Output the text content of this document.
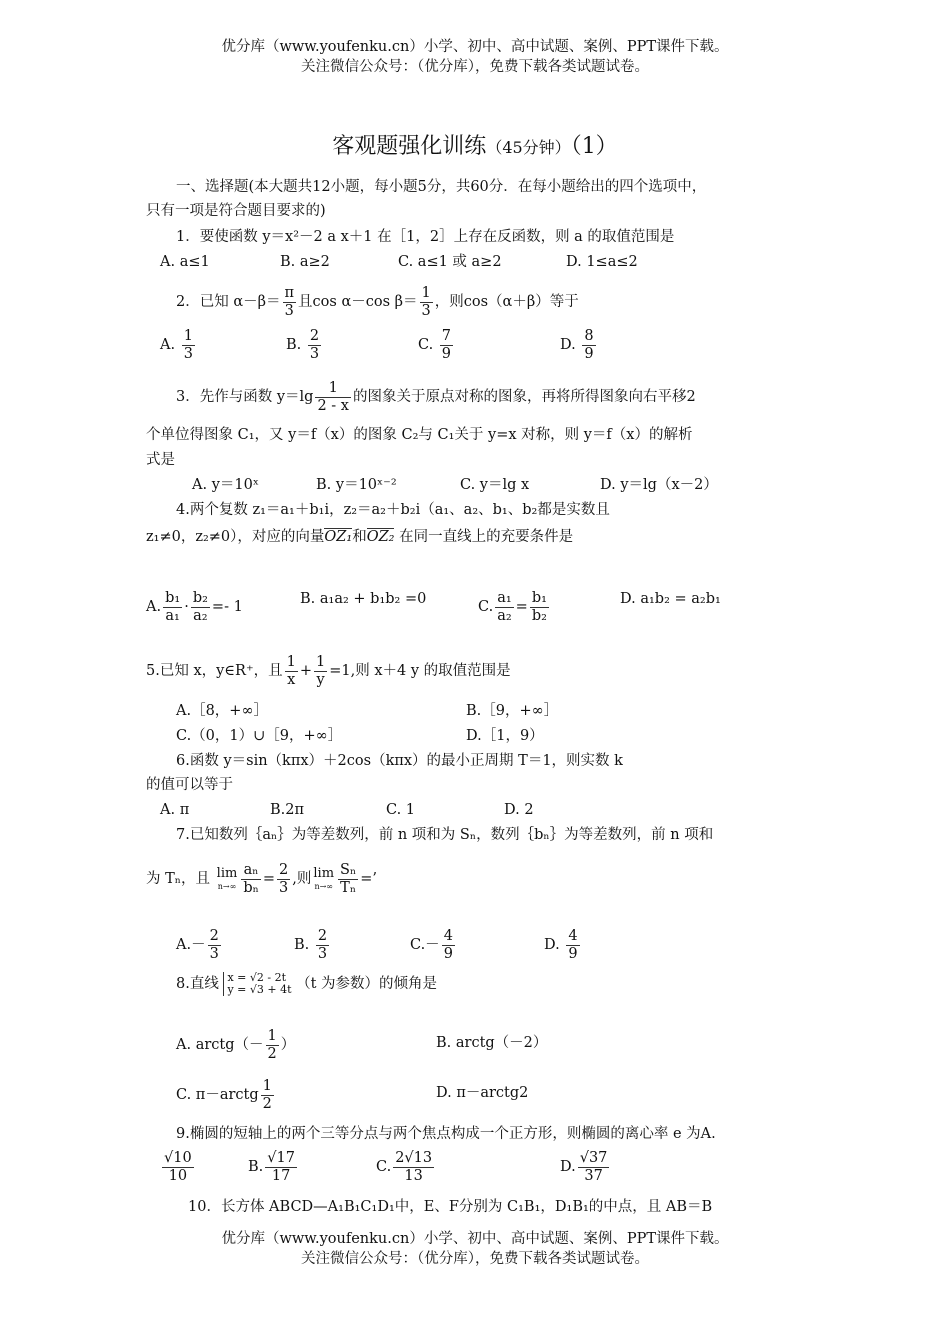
优分库（www.youfenku.cn）小学、初中、高中试题、案例、PPT课件下载。
关注微信公众号：（优分库），免费下载各类试题试卷。
客观题强化训练（45分钟）（1）
一、选择题(本大题共12小题，每小题5分，共60分．在每小题给出的四个选项中，
只有一项是符合题目要求的)
1．要使函数 y＝x²－2 a x＋1 在［1，2］上存在反函数，则 a 的取值范围是
A. a≤1	B. a≥2	C. a≤1 或 a≥2	D. 1≤a≤2
2．已知 $\alpha-\beta= \frac{\pi}{3}$ 且cos α－cos $\beta= \frac{1}{3}$ ，则cos（α＋β）等于
A. $\frac{1}{3}$	B. $\frac{2}{3}$	C. $\frac{7}{9}$	D. $\frac{8}{9}$
3．先作与函数 $y=\lg \frac{1}{2 - x}$ 的图象关于原点对称的图象，再将所得图象向右平移2
个单位得图象 C₁，又 y＝f（x）的图象 C₂与 C₁关于 y=x 对称，则 y＝f（x）的解析
式是
A. y＝10ˣ	B. y＝10ˣ⁻²	C. y＝lg x	D. y＝lg（x－2）
4.两个复数 z₁＝a₁＋b₁i，z₂＝a₂＋b₂i（a₁、a₂、b₁、b₂都是实数且
z₁≠0，z₂≠0），对应的向量OZ₁和OZ₂ 在同一直线上的充要条件是
A. $\frac{\text{b₁}}{\text{a₁}} \cdot \frac{\text{b₂}}{\text{a₂}} =- 1$
B. a₁a₂ + b₁b₂ =0
C. $\frac{\text{a₁}}{\text{a₂}} = \frac{\text{b₁}}{\text{b₂}}$	D. a₁b₂ = a₂b₁
5.已知 x，y∈R⁺，且 $\frac{1}{x} + \frac{1}{y} =1$,则 x＋4 y 的取值范围是
A.［8，+∞］	B.［9，+∞］
C.（0，1）∪［9，+∞］	D.［1，9）
6.函数 y＝sin（kπx）＋2cos（kπx）的最小正周期 T＝1，则实数 k
的值可以等于
A. π	B.2π	C. 1	D. 2
7.已知数列｛aₙ｝为等差数列，前 n 项和为 Sₙ，数列｛bₙ｝为等差数列，前 n 项和
为 Tₙ，且 lim
$n\to\infty \frac{\text{aₙ}}{\text{bₙ}} = \frac{2}{3}$ ,则 lim
$n\to\infty \frac{\text{Sₙ}}{\text{Tₙ}}$ =’
$A.- \frac{2}{3}$	B. $\frac{2}{3}$	$C.- \frac{4}{9}$	D. $\frac{4}{9}$
8.直线 x = √2 - 2t
y = √3 + 4t （t 为参数）的倾角是
A. arctg（－ $\frac{1}{2}$ ）	B. arctg（－2）
C. π－arctg $\frac{1}{2}$	D. π－arctg2
9.椭圆的短轴上的两个三等分点与两个焦点构成一个正方形，则椭圆的离心率 e 为A.
$\frac{√10}{10}$	B. $\frac{√17}{17}$	C. $\frac{2√13}{13}$	D. $\frac{√37}{37}$
10．长方体 ABCD—A₁B₁C₁D₁中，E、F分别为 C₁B₁，D₁B₁的中点，且 AB＝B
优分库（www.youfenku.cn）小学、初中、高中试题、案例、PPT课件下载。
关注微信公众号：（优分库），免费下载各类试题试卷。
